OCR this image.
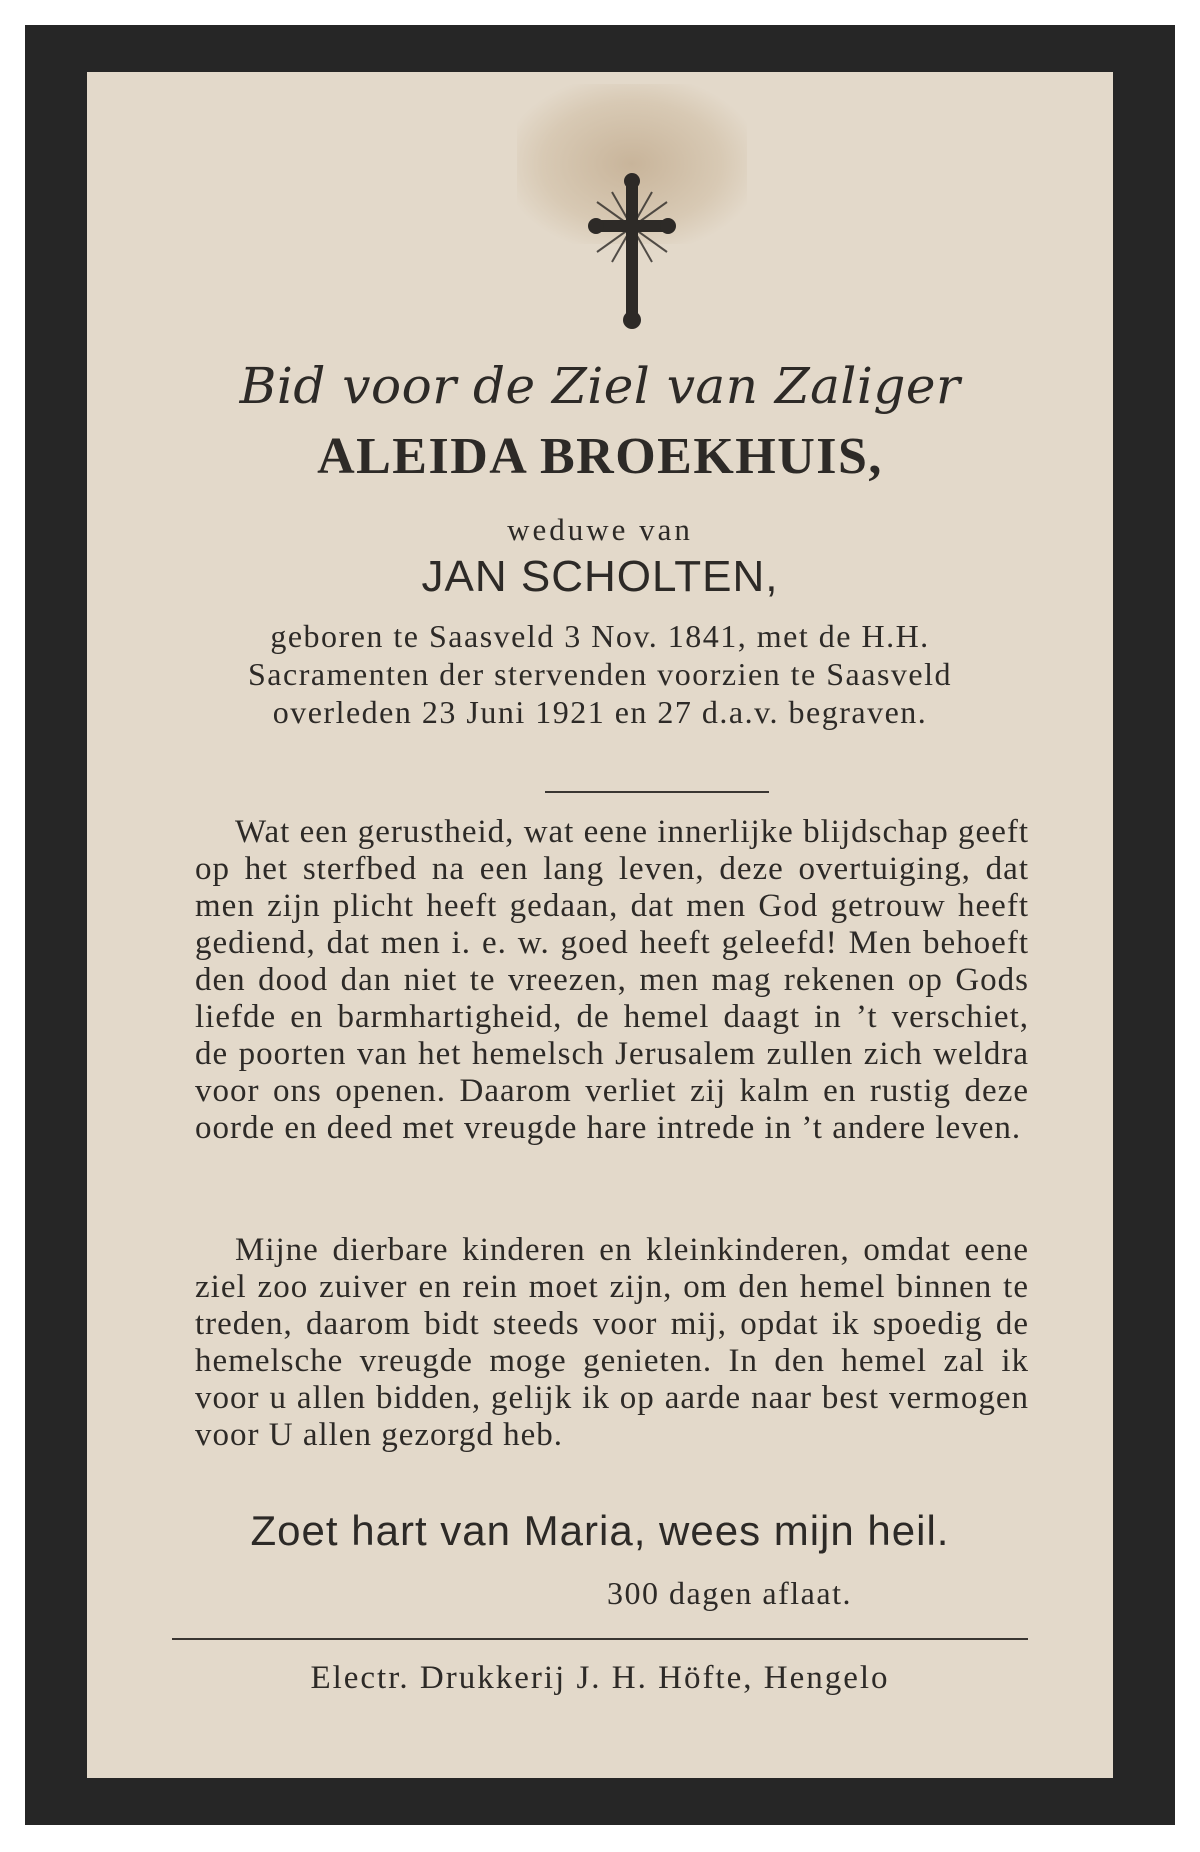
Bid voor de Ziel van Zaliger
ALEIDA BROEKHUIS,
weduwe van
JAN SCHOLTEN,
geboren te Saasveld 3 Nov. 1841, met de H.H. Sacramenten der stervenden voorzien te Saasveld overleden 23 Juni 1921 en 27 d.a.v. begraven.

Wat een gerustheid, wat eene innerlijke blijdschap geeft op het sterfbed na een lang leven, deze overtuiging, dat men zijn plicht heeft gedaan, dat men God getrouw heeft gediend, dat men i. e. w. goed heeft geleefd! Men behoeft den dood dan niet te vreezen, men mag rekenen op Gods liefde en barmhartigheid, de hemel daagt in ’t verschiet, de poorten van het hemelsch Jerusalem zullen zich weldra voor ons openen. Daarom verliet zij kalm en rustig deze oorde en deed met vreugde hare intrede in ’t andere leven.

Mijne dierbare kinderen en kleinkinderen, omdat eene ziel zoo zuiver en rein moet zijn, om den hemel binnen te treden, daarom bidt steeds voor mij, opdat ik spoedig de hemelsche vreugde moge genieten. In den hemel zal ik voor u allen bidden, gelijk ik op aarde naar best vermogen voor U allen gezorgd heb.

Zoet hart van Maria, wees mijn heil.
300 dagen aflaat.
Electr. Drukkerij J. H. Höfte, Hengelo
